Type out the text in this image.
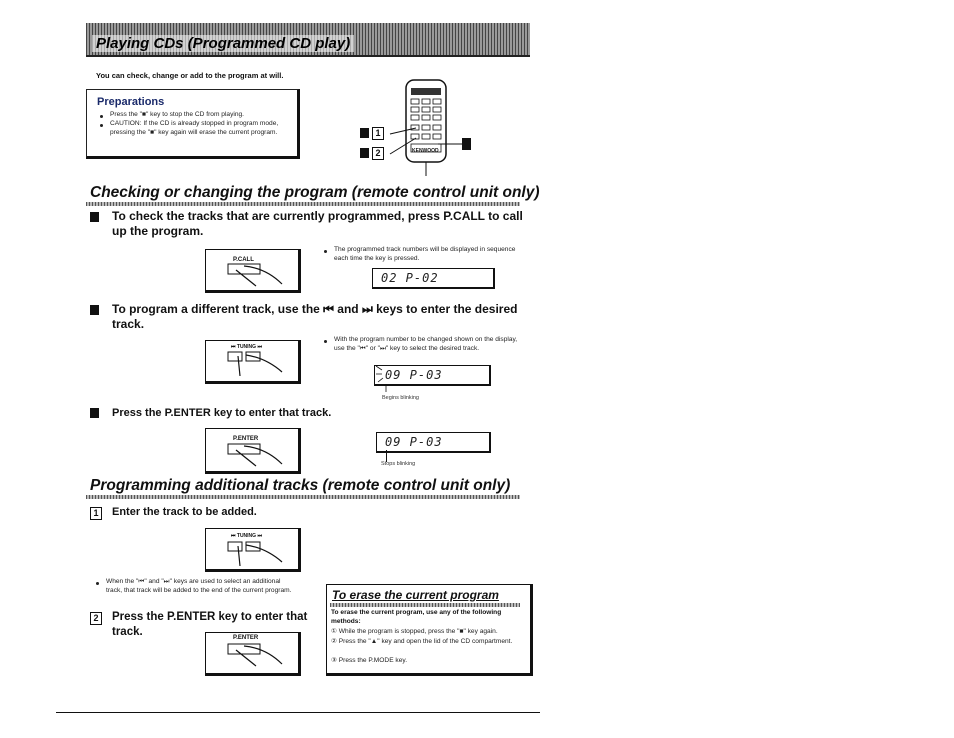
Playing CDs (Programmed CD play)
You can check, change or add to the program at will.
Preparations
Press the "■" key to stop the CD from playing.
CAUTION: If the CD is already stopped in program mode, pressing the "■" key again will erase the current program.
KENWOOD
1
2
Checking or changing the program (remote control unit only)
To check the tracks that are currently programmed, press P.CALL to call up the program.
P.CALL
The programmed track numbers will be displayed in sequence each time the key is pressed.
02 P-02
To program a different track, use the ⏮ and ⏭ keys to enter the desired track.
⏮ TUNING ⏭
With the program number to be changed shown on the display, use the "⏮" or "⏭" key to select the desired track.
09 P-03
Begins blinking
Press the P.ENTER key to enter that track.
P.ENTER	09 P-03
Stops blinking
Programming additional tracks (remote control unit only)
1	Enter the track to be added.
⏮ TUNING ⏭
When the "⏮" and "⏭" keys are used to select an additional track, that track will be added to the end of the current program.
2	Press the P.ENTER key to enter that track.	P.ENTER
To erase the current program
To erase the current program, use any of the following methods:
① While the program is stopped, press the "■" key again.
② Press the "▲" key and open the lid of the CD compartment.
③ Press the P.MODE key.
